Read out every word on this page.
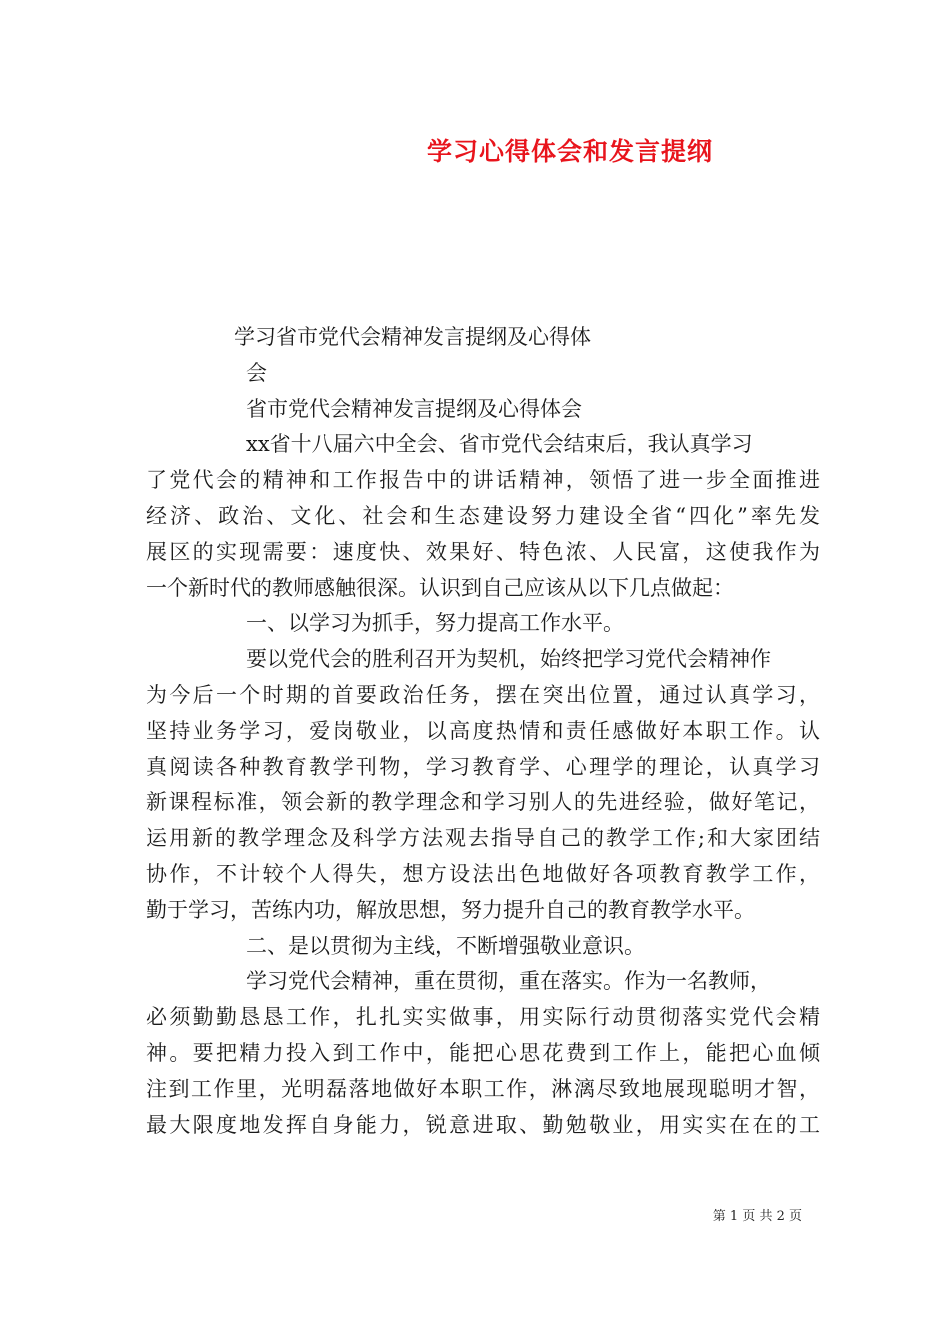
学习心得体会和发言提纲
学习省市党代会精神发言提纲及心得体
会
省市党代会精神发言提纲及心得体会
xx省十八届六中全会、省市党代会结束后，我认真学习
了党代会的精神和工作报告中的讲话精神，领悟了进一步全面推进
经济、政治、文化、社会和生态建设努力建设全省“四化”率先发
展区的实现需要：速度快、效果好、特色浓、人民富，这使我作为
一个新时代的教师感触很深。认识到自己应该从以下几点做起：
一、以学习为抓手，努力提高工作水平。
要以党代会的胜利召开为契机，始终把学习党代会精神作
为今后一个时期的首要政治任务，摆在突出位置，通过认真学习，
坚持业务学习，爱岗敬业，以高度热情和责任感做好本职工作。认
真阅读各种教育教学刊物，学习教育学、心理学的理论，认真学习
新课程标准，领会新的教学理念和学习别人的先进经验，做好笔记，
运用新的教学理念及科学方法观去指导自己的教学工作;和大家团结
协作，不计较个人得失，想方设法出色地做好各项教育教学工作，
勤于学习，苦练内功，解放思想，努力提升自己的教育教学水平。
二、是以贯彻为主线，不断增强敬业意识。
学习党代会精神，重在贯彻，重在落实。作为一名教师，
必须勤勤恳恳工作，扎扎实实做事，用实际行动贯彻落实党代会精
神。要把精力投入到工作中，能把心思花费到工作上，能把心血倾
注到工作里，光明磊落地做好本职工作，淋漓尽致地展现聪明才智，
最大限度地发挥自身能力，锐意进取、勤勉敬业，用实实在在的工
第 1 页 共 2 页
